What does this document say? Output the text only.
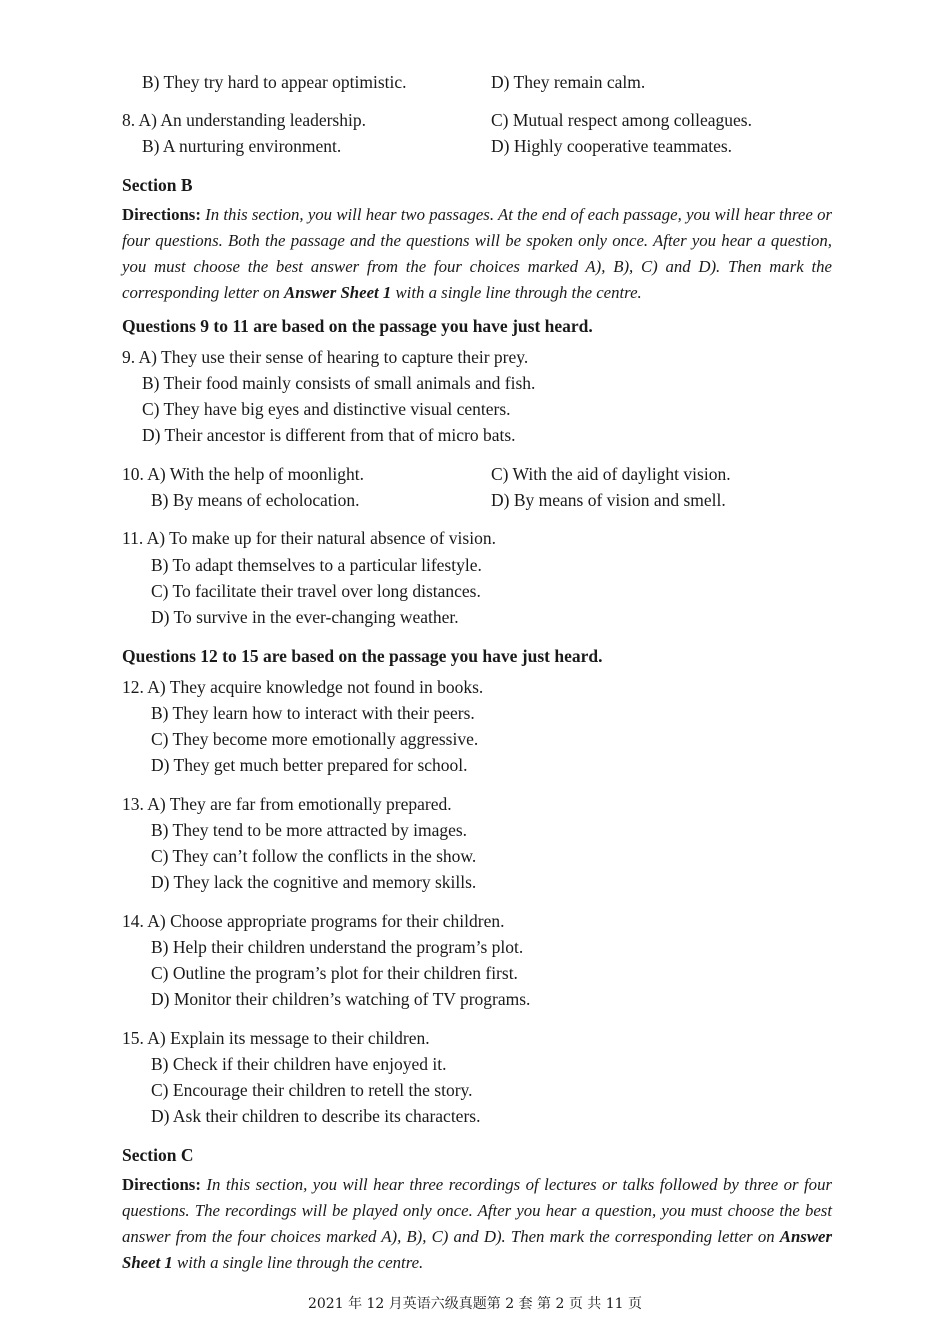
B) They try hard to appear optimistic.	D) They remain calm.
8. A) An understanding leadership.	C) Mutual respect among colleagues.
B) A nurturing environment.	D) Highly cooperative teammates.
Section B
Directions: In this section, you will hear two passages. At the end of each passage, you will hear three or four questions. Both the passage and the questions will be spoken only once. After you hear a question, you must choose the best answer from the four choices marked A), B), C) and D). Then mark the corresponding letter on Answer Sheet 1 with a single line through the centre.
Questions 9 to 11 are based on the passage you have just heard.
9. A) They use their sense of hearing to capture their prey.
B) Their food mainly consists of small animals and fish.
C) They have big eyes and distinctive visual centers.
D) Their ancestor is different from that of micro bats.
10. A) With the help of moonlight.	C) With the aid of daylight vision.
B) By means of echolocation.	D) By means of vision and smell.
11. A) To make up for their natural absence of vision.
B) To adapt themselves to a particular lifestyle.
C) To facilitate their travel over long distances.
D) To survive in the ever-changing weather.
Questions 12 to 15 are based on the passage you have just heard.
12. A) They acquire knowledge not found in books.
B) They learn how to interact with their peers.
C) They become more emotionally aggressive.
D) They get much better prepared for school.
13. A) They are far from emotionally prepared.
B) They tend to be more attracted by images.
C) They can’t follow the conflicts in the show.
D) They lack the cognitive and memory skills.
14. A) Choose appropriate programs for their children.
B) Help their children understand the program’s plot.
C) Outline the program’s plot for their children first.
D) Monitor their children’s watching of TV programs.
15. A) Explain its message to their children.
B) Check if their children have enjoyed it.
C) Encourage their children to retell the story.
D) Ask their children to describe its characters.
Section C
Directions: In this section, you will hear three recordings of lectures or talks followed by three or four questions. The recordings will be played only once. After you hear a question, you must choose the best answer from the four choices marked A), B), C) and D). Then mark the corresponding letter on Answer Sheet 1 with a single line through the centre.
2021 年 12 月英语六级真题第 2 套 第 2 页 共 11 页
